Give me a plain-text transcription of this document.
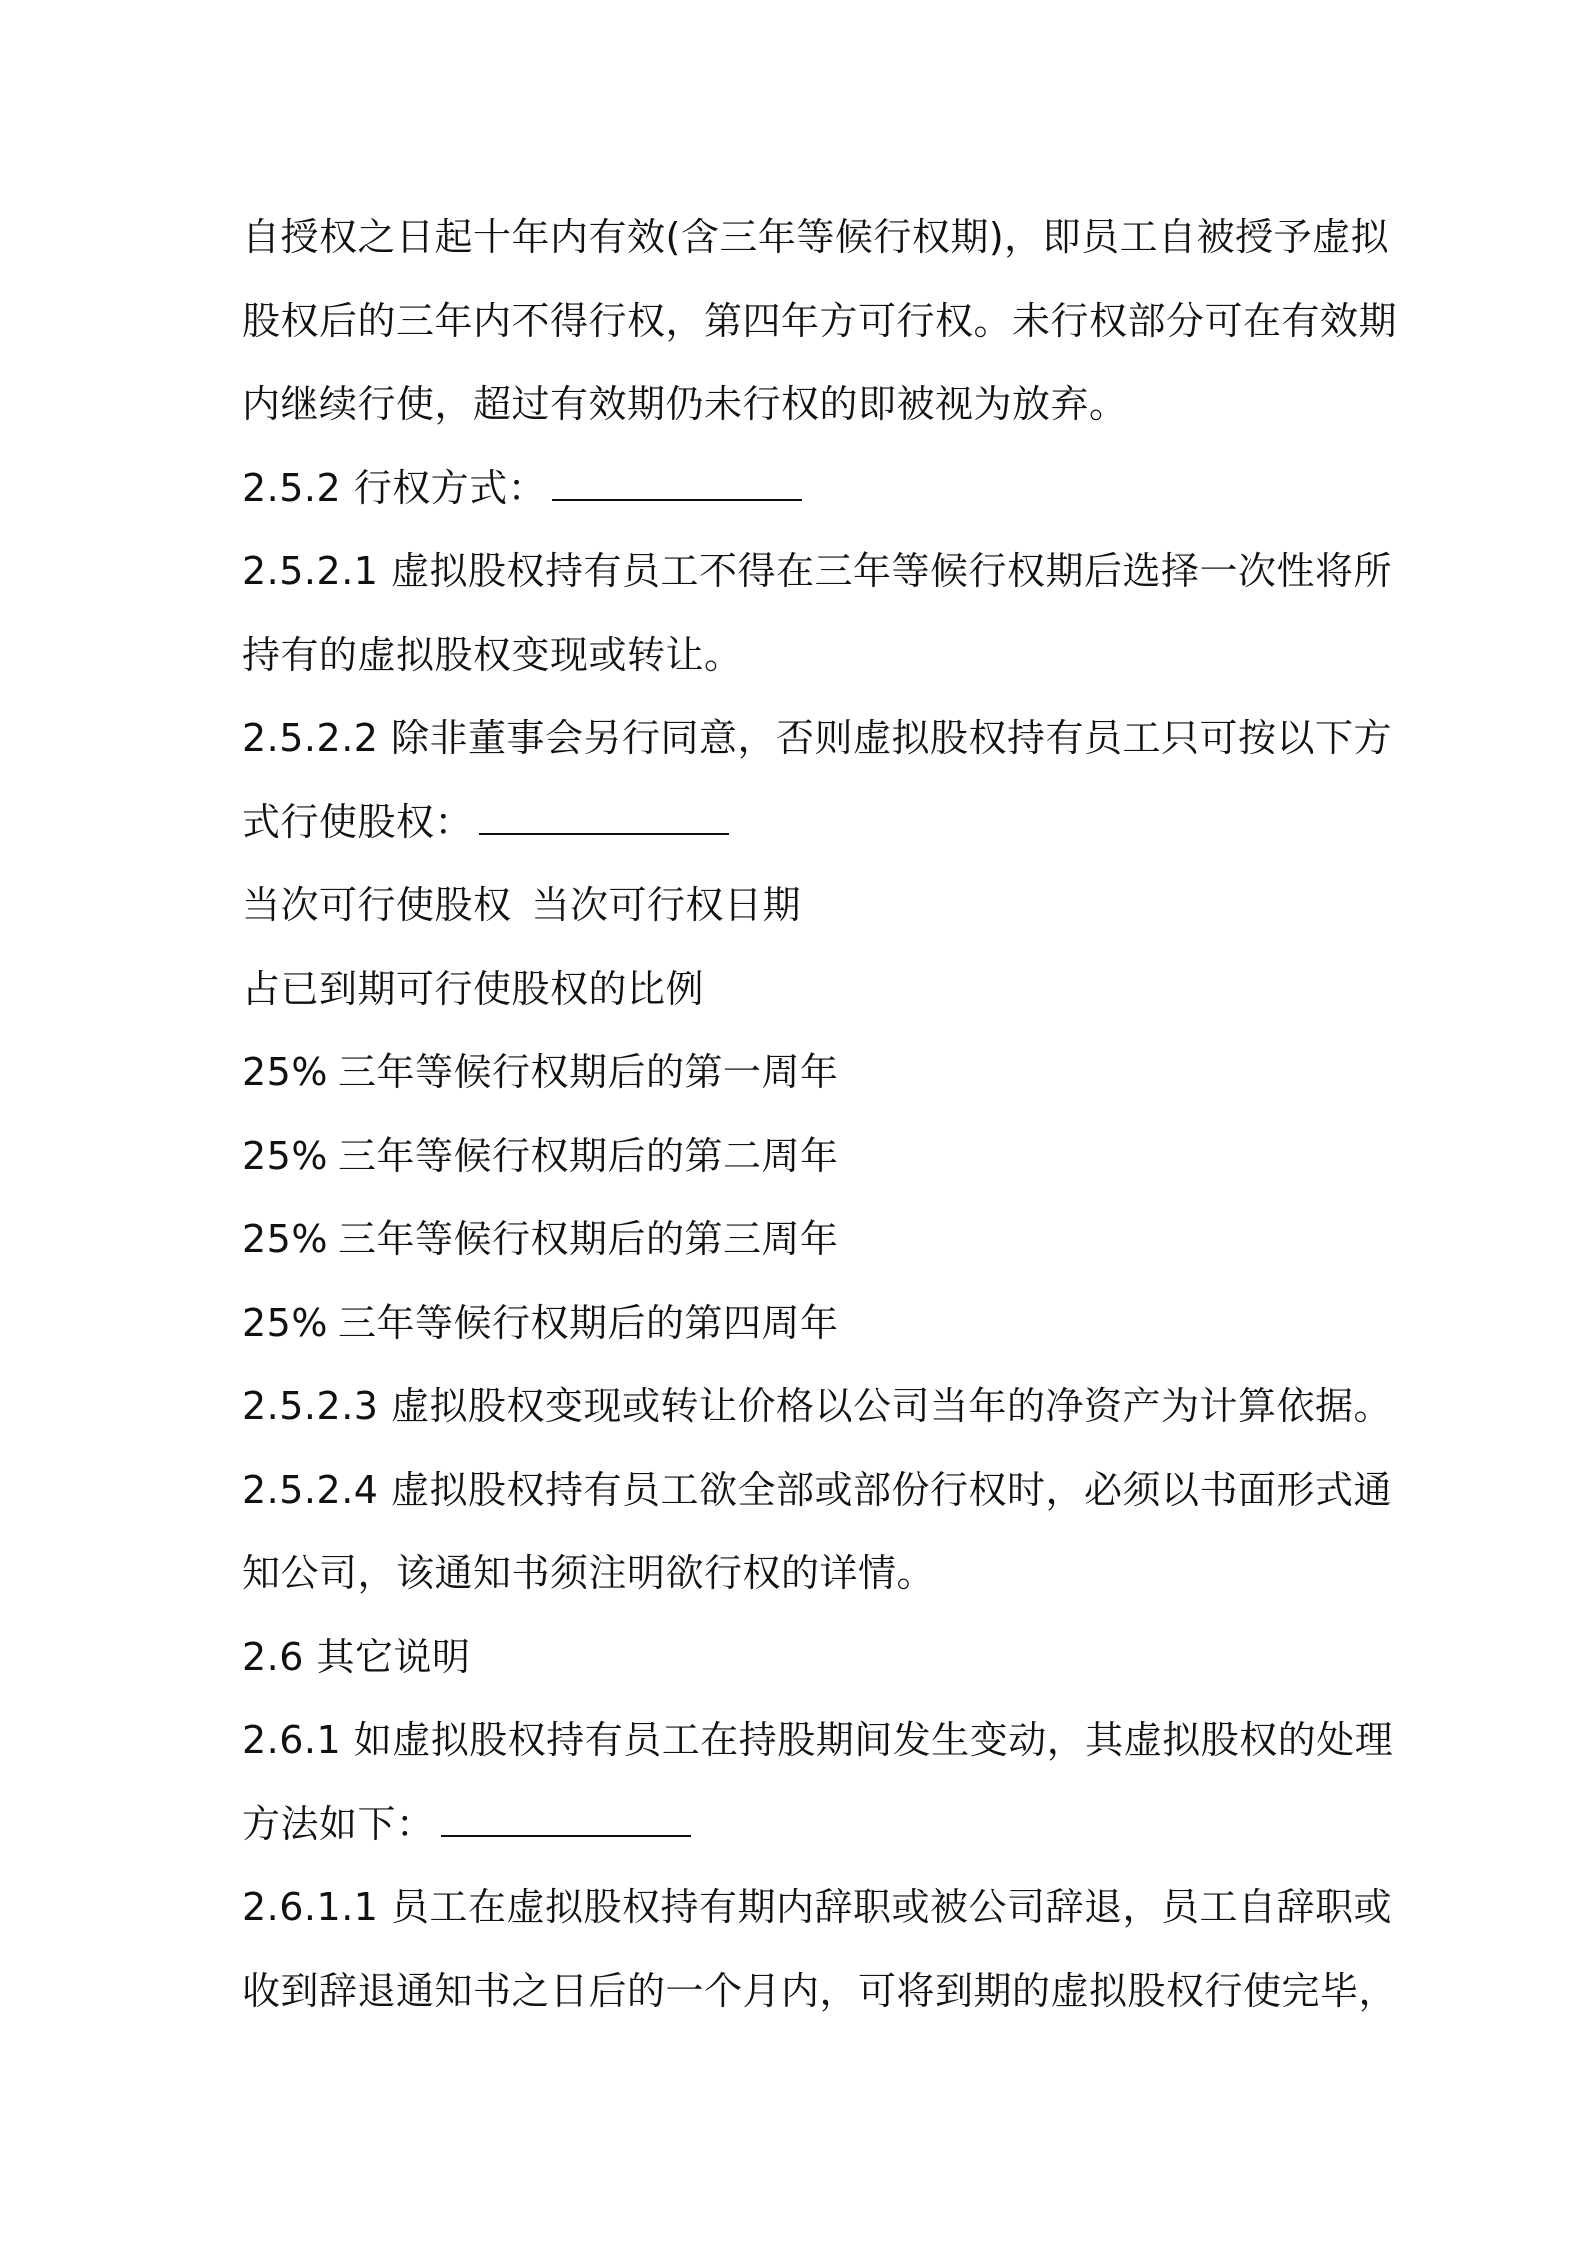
自授权之日起十年内有效(含三年等候行权期)，即员工自被授予虚拟
股权后的三年内不得行权，第四年方可行权。未行权部分可在有效期
内继续行使，超过有效期仍未行权的即被视为放弃。
2.5.2 行权方式：
2.5.2.1 虚拟股权持有员工不得在三年等候行权期后选择一次性将所
持有的虚拟股权变现或转让。
2.5.2.2 除非董事会另行同意，否则虚拟股权持有员工只可按以下方
式行使股权：
当次可行使股权 当次可行权日期
占已到期可行使股权的比例
25% 三年等候行权期后的第一周年
25% 三年等候行权期后的第二周年
25% 三年等候行权期后的第三周年
25% 三年等候行权期后的第四周年
2.5.2.3 虚拟股权变现或转让价格以公司当年的净资产为计算依据。
2.5.2.4 虚拟股权持有员工欲全部或部份行权时，必须以书面形式通
知公司，该通知书须注明欲行权的详情。
2.6 其它说明
2.6.1 如虚拟股权持有员工在持股期间发生变动，其虚拟股权的处理
方法如下：
2.6.1.1 员工在虚拟股权持有期内辞职或被公司辞退，员工自辞职或
收到辞退通知书之日后的一个月内，可将到期的虚拟股权行使完毕，
